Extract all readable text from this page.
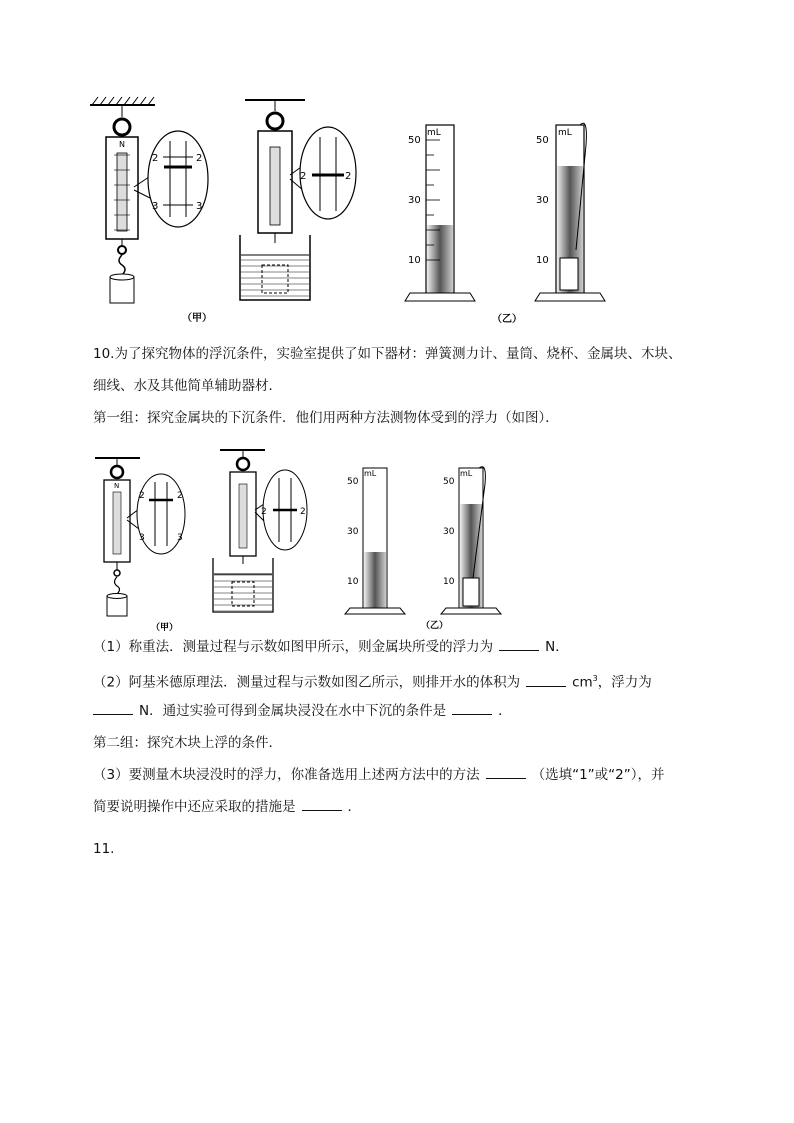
N
2	2
3	3
2	2
mL
50
30
10
（甲）
mL
50
30
10
（乙）
10.为了探究物体的浮沉条件，实验室提供了如下器材：弹簧测力计、量筒、烧杯、金属块、木块、
细线、水及其他简单辅助器材．
第一组：探究金属块的下沉条件．他们用两种方法测物体受到的浮力（如图）．
N
2	2
3	3
2	2
mL
50
30
10
mL
50
30
10
（甲）	（乙）
（1）称重法．测量过程与示数如图甲所示，则金属块所受的浮力为	N．
（2）阿基米德原理法．测量过程与示数如图乙所示，则排开水的体积为	$cm^3$，浮力为
N．通过实验可得到金属块浸没在水中下沉的条件是	．
第二组：探究木块上浮的条件．
（3）要测量木块浸没时的浮力，你准备选用上述两方法中的方法	（选填“1”或“2”），并
简要说明操作中还应采取的措施是	．
11.
